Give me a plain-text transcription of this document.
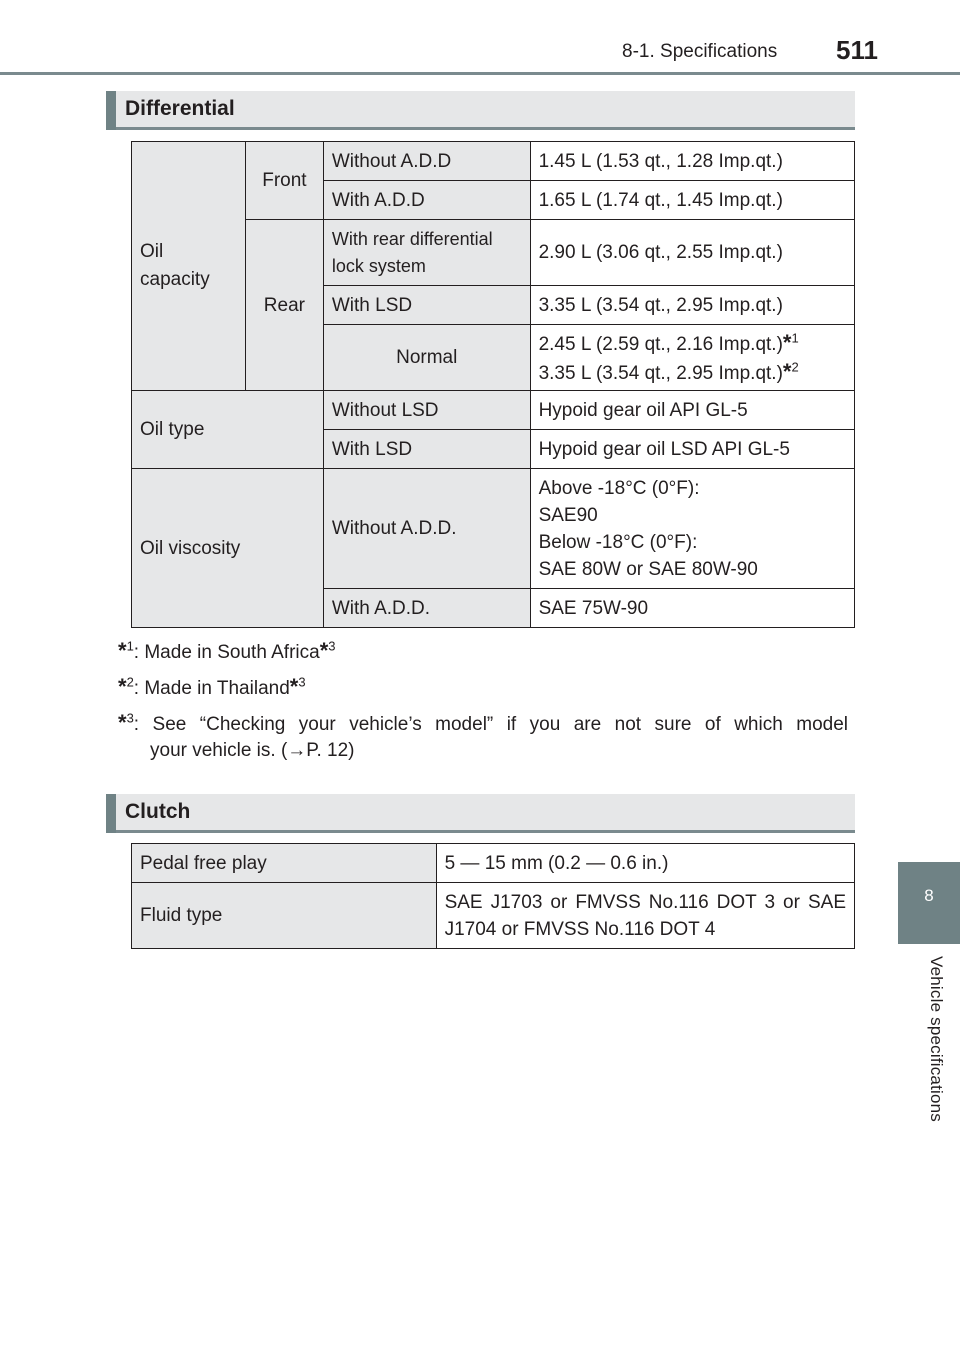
8-1. Specifications 511
8
Vehicle specifications
Differential
Oil capacity	Front	Without A.D.D	1.45 L (1.53 qt., 1.28 Imp.qt.)
		With A.D.D	1.65 L (1.74 qt., 1.45 Imp.qt.)
	Rear	With rear differential lock system	2.90 L (3.06 qt., 2.55 Imp.qt.)
		With LSD	3.35 L (3.54 qt., 2.95 Imp.qt.)
		Normal	2.45 L (2.59 qt., 2.16 Imp.qt.)*$^1$
3.35 L (3.54 qt., 2.95 Imp.qt.)*$^2$
Oil type		Without LSD	Hypoid gear oil API GL-5
		With LSD	Hypoid gear oil LSD API GL-5
Oil viscosity		Without A.D.D.	Above -18°C (0°F):
SAE90
Below -18°C (0°F):
SAE 80W or SAE 80W-90
		With A.D.D.	SAE 75W-90
*$^1$: Made in South Africa*$^3$
*$^2$: Made in Thailand*$^3$
*$^3$: See “Checking your vehicle’s model” if you are not sure of which model
your vehicle is. (→P. 12)
Clutch
Pedal free play	5 — 15 mm (0.2 — 0.6 in.)
Fluid type	SAE J1703 or FMVSS No.116 DOT 3 or SAE J1704 or FMVSS No.116 DOT 4
